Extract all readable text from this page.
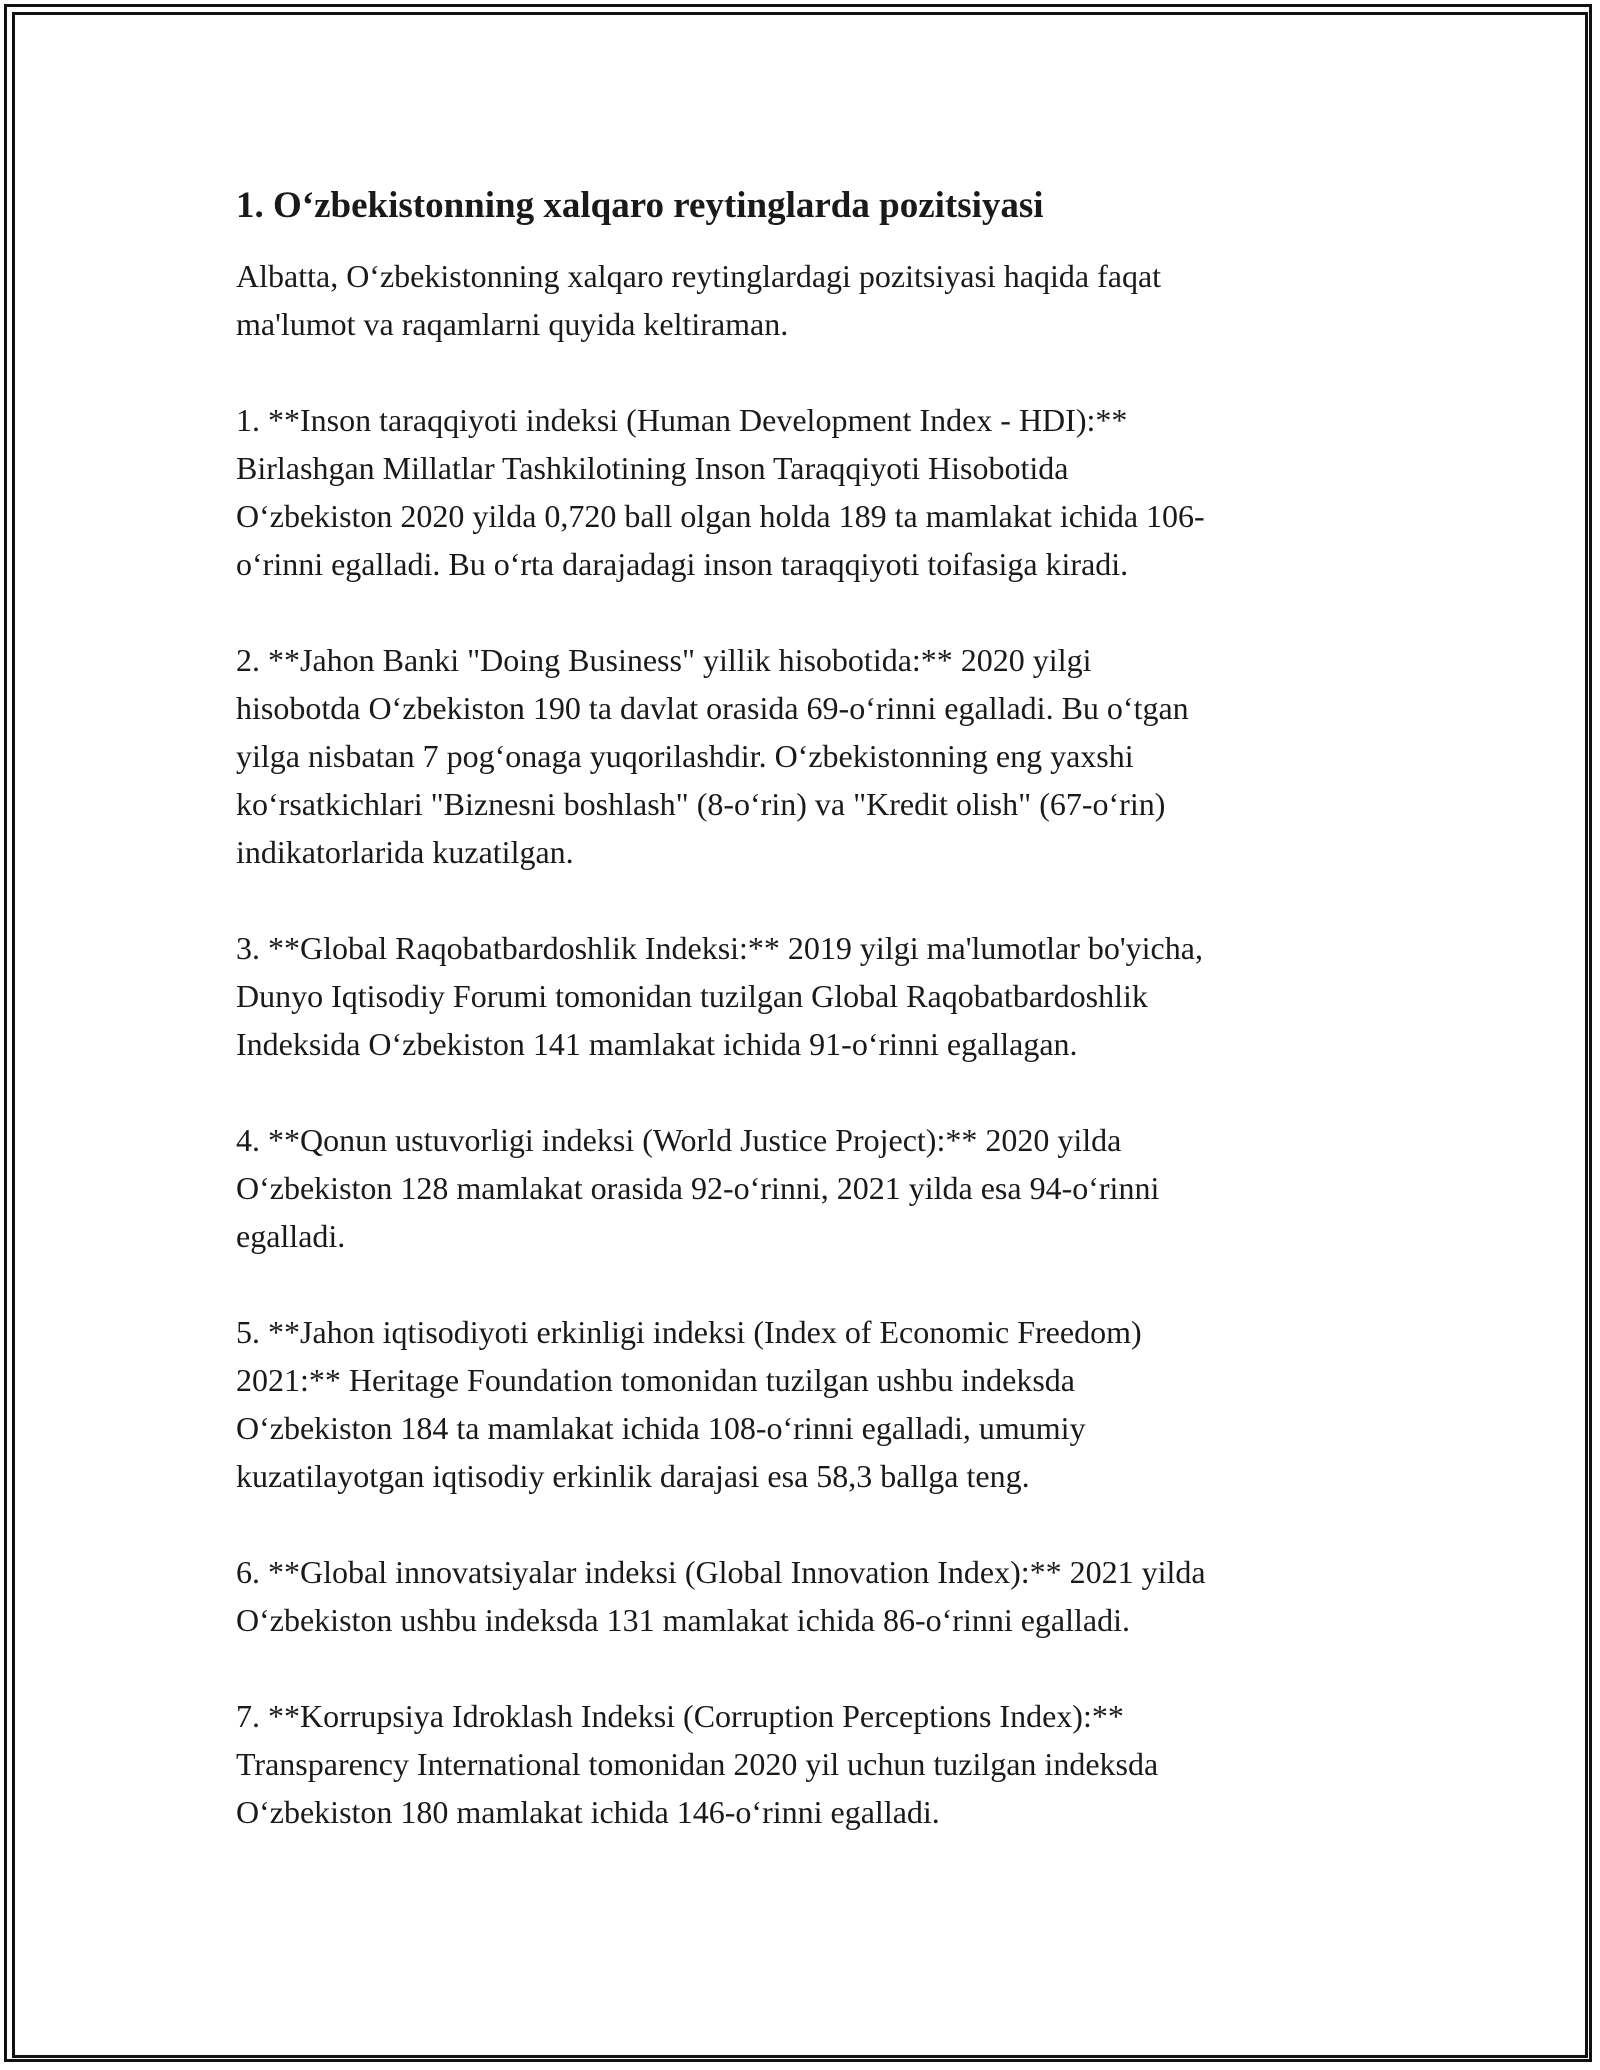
1. O‘zbekistonning xalqaro reytinglarda pozitsiyasi

Albatta, O‘zbekistonning xalqaro reytinglardagi pozitsiyasi haqida faqat
ma'lumot va raqamlarni quyida keltiraman.

1. **Inson taraqqiyoti indeksi (Human Development Index - HDI):**
Birlashgan Millatlar Tashkilotining Inson Taraqqiyoti Hisobotida
O‘zbekiston 2020 yilda 0,720 ball olgan holda 189 ta mamlakat ichida 106-
o‘rinni egalladi. Bu o‘rta darajadagi inson taraqqiyoti toifasiga kiradi.

2. **Jahon Banki "Doing Business" yillik hisobotida:** 2020 yilgi
hisobotda O‘zbekiston 190 ta davlat orasida 69-o‘rinni egalladi. Bu o‘tgan
yilga nisbatan 7 pog‘onaga yuqorilashdir. O‘zbekistonning eng yaxshi
ko‘rsatkichlari "Biznesni boshlash" (8-o‘rin) va "Kredit olish" (67-o‘rin)
indikatorlarida kuzatilgan.

3. **Global Raqobatbardoshlik Indeksi:** 2019 yilgi ma'lumotlar bo'yicha,
Dunyo Iqtisodiy Forumi tomonidan tuzilgan Global Raqobatbardoshlik
Indeksida O‘zbekiston 141 mamlakat ichida 91-o‘rinni egallagan.

4. **Qonun ustuvorligi indeksi (World Justice Project):** 2020 yilda
O‘zbekiston 128 mamlakat orasida 92-o‘rinni, 2021 yilda esa 94-o‘rinni
egalladi.

5. **Jahon iqtisodiyoti erkinligi indeksi (Index of Economic Freedom)
2021:** Heritage Foundation tomonidan tuzilgan ushbu indeksda
O‘zbekiston 184 ta mamlakat ichida 108-o‘rinni egalladi, umumiy
kuzatilayotgan iqtisodiy erkinlik darajasi esa 58,3 ballga teng.

6. **Global innovatsiyalar indeksi (Global Innovation Index):** 2021 yilda
O‘zbekiston ushbu indeksda 131 mamlakat ichida 86-o‘rinni egalladi.

7. **Korrupsiya Idroklash Indeksi (Corruption Perceptions Index):**
Transparency International tomonidan 2020 yil uchun tuzilgan indeksda
O‘zbekiston 180 mamlakat ichida 146-o‘rinni egalladi.
